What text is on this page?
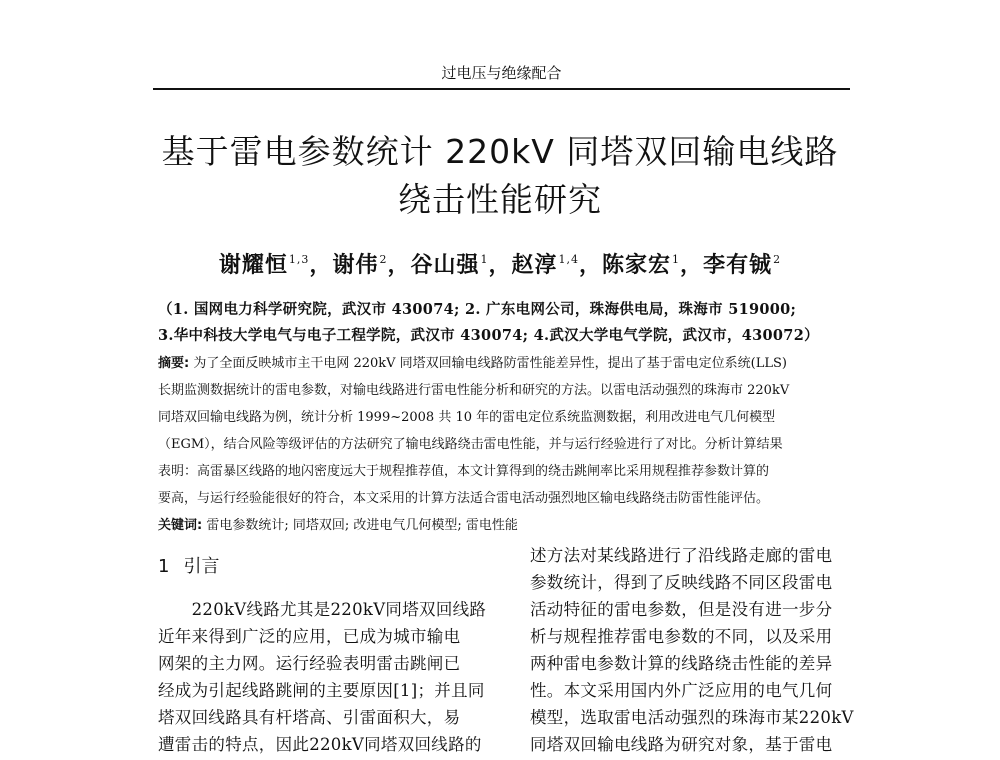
过电压与绝缘配合
基于雷电参数统计 220kV 同塔双回输电线路
绕击性能研究
谢耀恒$^{1,3}$，谢伟$^2$，谷山强$^1$，赵淳$^{1,4}$，陈家宏$^1$，李有铖$^2$
（1. 国网电力科学研究院，武汉市 430074; 2. 广东电网公司，珠海供电局，珠海市 519000;
3.华中科技大学电气与电子工程学院，武汉市 430074; 4.武汉大学电气学院，武汉市，430072）
摘要: 为了全面反映城市主干电网 220kV 同塔双回输电线路防雷性能差异性，提出了基于雷电定位系统(LLS)
长期监测数据统计的雷电参数，对输电线路进行雷电性能分析和研究的方法。以雷电活动强烈的珠海市 220kV
同塔双回输电线路为例，统计分析 1999~2008 共 10 年的雷电定位系统监测数据，利用改进电气几何模型
（EGM），结合风险等级评估的方法研究了输电线路绕击雷电性能，并与运行经验进行了对比。分析计算结果
表明：高雷暴区线路的地闪密度远大于规程推荐值，本文计算得到的绕击跳闸率比采用规程推荐参数计算的
要高，与运行经验能很好的符合，本文采用的计算方法适合雷电活动强烈地区输电线路绕击防雷性能评估。
关键词: 雷电参数统计; 同塔双回; 改进电气几何模型; 雷电性能
1 引言
　　220kV线路尤其是220kV同塔双回线路
近年来得到广泛的应用，已成为城市输电
网架的主力网。运行经验表明雷击跳闸已
经成为引起线路跳闸的主要原因[1]；并且同
塔双回线路具有杆塔高、引雷面积大，易
遭雷击的特点，因此220kV同塔双回线路的
述方法对某线路进行了沿线路走廊的雷电
参数统计，得到了反映线路不同区段雷电
活动特征的雷电参数，但是没有进一步分
析与规程推荐雷电参数的不同，以及采用
两种雷电参数计算的线路绕击性能的差异
性。本文采用国内外广泛应用的电气几何
模型，选取雷电活动强烈的珠海市某220kV
同塔双回输电线路为研究对象，基于雷电
